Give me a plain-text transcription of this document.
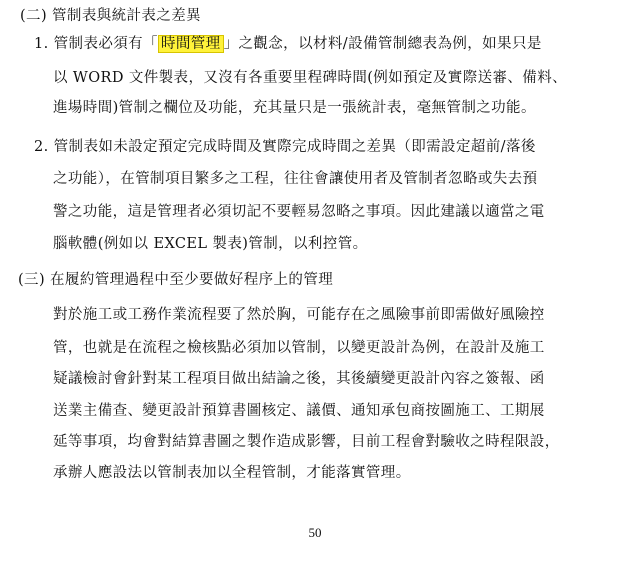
(二) 管制表與統計表之差異
1. 管制表必須有「 時間管理 」之觀念，以材料/設備管制總表為例，如果只是
以 WORD 文件製表，又沒有各重要里程碑時間(例如預定及實際送審、備料、
進場時間)管制之欄位及功能，充其量只是一張統計表，毫無管制之功能。
2. 管制表如未設定預定完成時間及實際完成時間之差異（即需設定超前/落後
之功能），在管制項目繁多之工程，往往會讓使用者及管制者忽略或失去預
警之功能，這是管理者必須切記不要輕易忽略之事項。因此建議以適當之電
腦軟體(例如以 EXCEL 製表)管制，以利控管。
(三) 在履約管理過程中至少要做好程序上的管理
對於施工或工務作業流程要了然於胸，可能存在之風險事前即需做好風險控
管，也就是在流程之檢核點必須加以管制，以變更設計為例，在設計及施工
疑議檢討會針對某工程項目做出結論之後，其後續變更設計內容之簽報、函
送業主備查、變更設計預算書圖核定、議價、通知承包商按圖施工、工期展
延等事項，均會對結算書圖之製作造成影響，目前工程會對驗收之時程限設，
承辦人應設法以管制表加以全程管制，才能落實管理。
50
